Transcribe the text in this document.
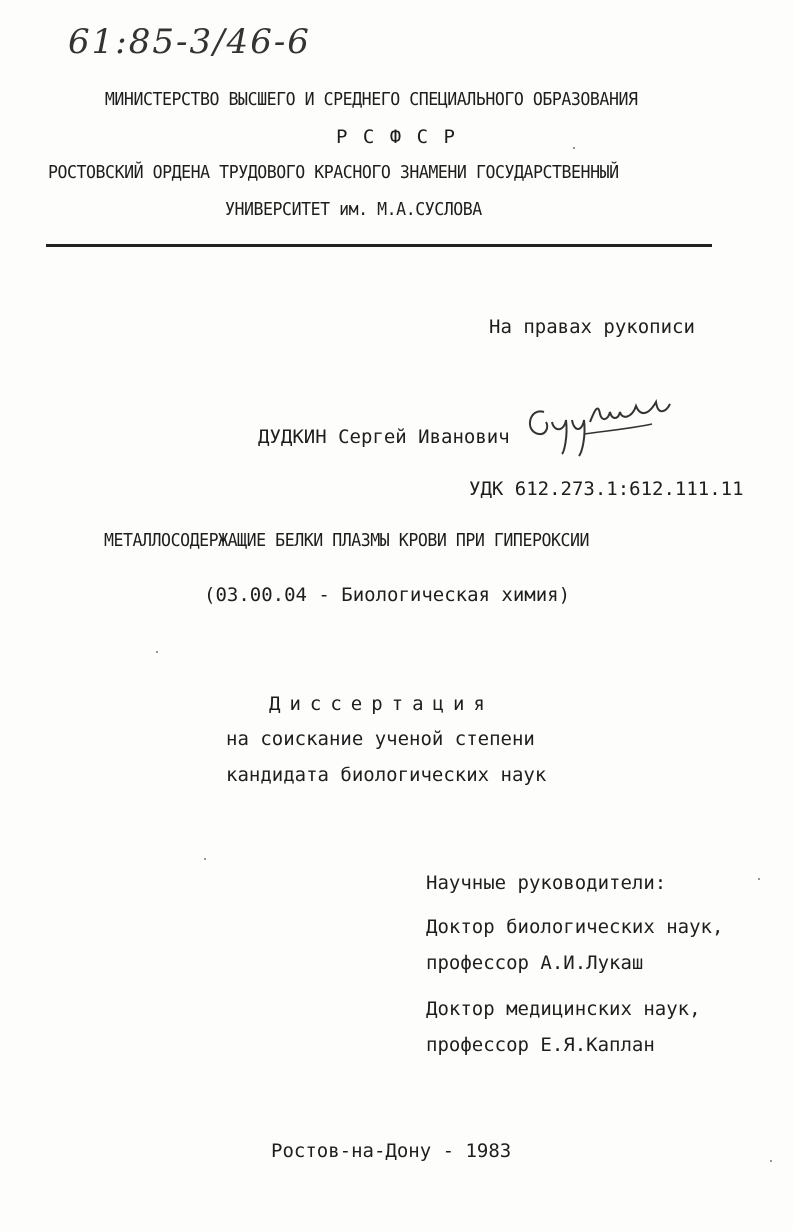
61:85-3/46-6
МИНИСТЕРСТВО ВЫСШЕГО И СРЕДНЕГО СПЕЦИАЛЬНОГО ОБРАЗОВАНИЯ
Р С Ф С Р
РОСТОВСКИЙ ОРДЕНА ТРУДОВОГО КРАСНОГО ЗНАМЕНИ ГОСУДАРСТВЕННЫЙ
УНИВЕРСИТЕТ им. М.А.СУСЛОВА
На правах рукописи
ДУДКИН Сергей Иванович
УДК 612.273.1:612.111.11
МЕТАЛЛОСОДЕРЖАЩИЕ БЕЛКИ ПЛАЗМЫ КРОВИ ПРИ ГИПЕРОКСИИ
(03.00.04 - Биологическая химия)
Диссертация
на соискание ученой степени
кандидата биологических наук
Научные руководители:
Доктор биологических наук,
профессор А.И.Лукаш
Доктор медицинских наук,
профессор Е.Я.Каплан
Ростов-на-Дону - 1983
